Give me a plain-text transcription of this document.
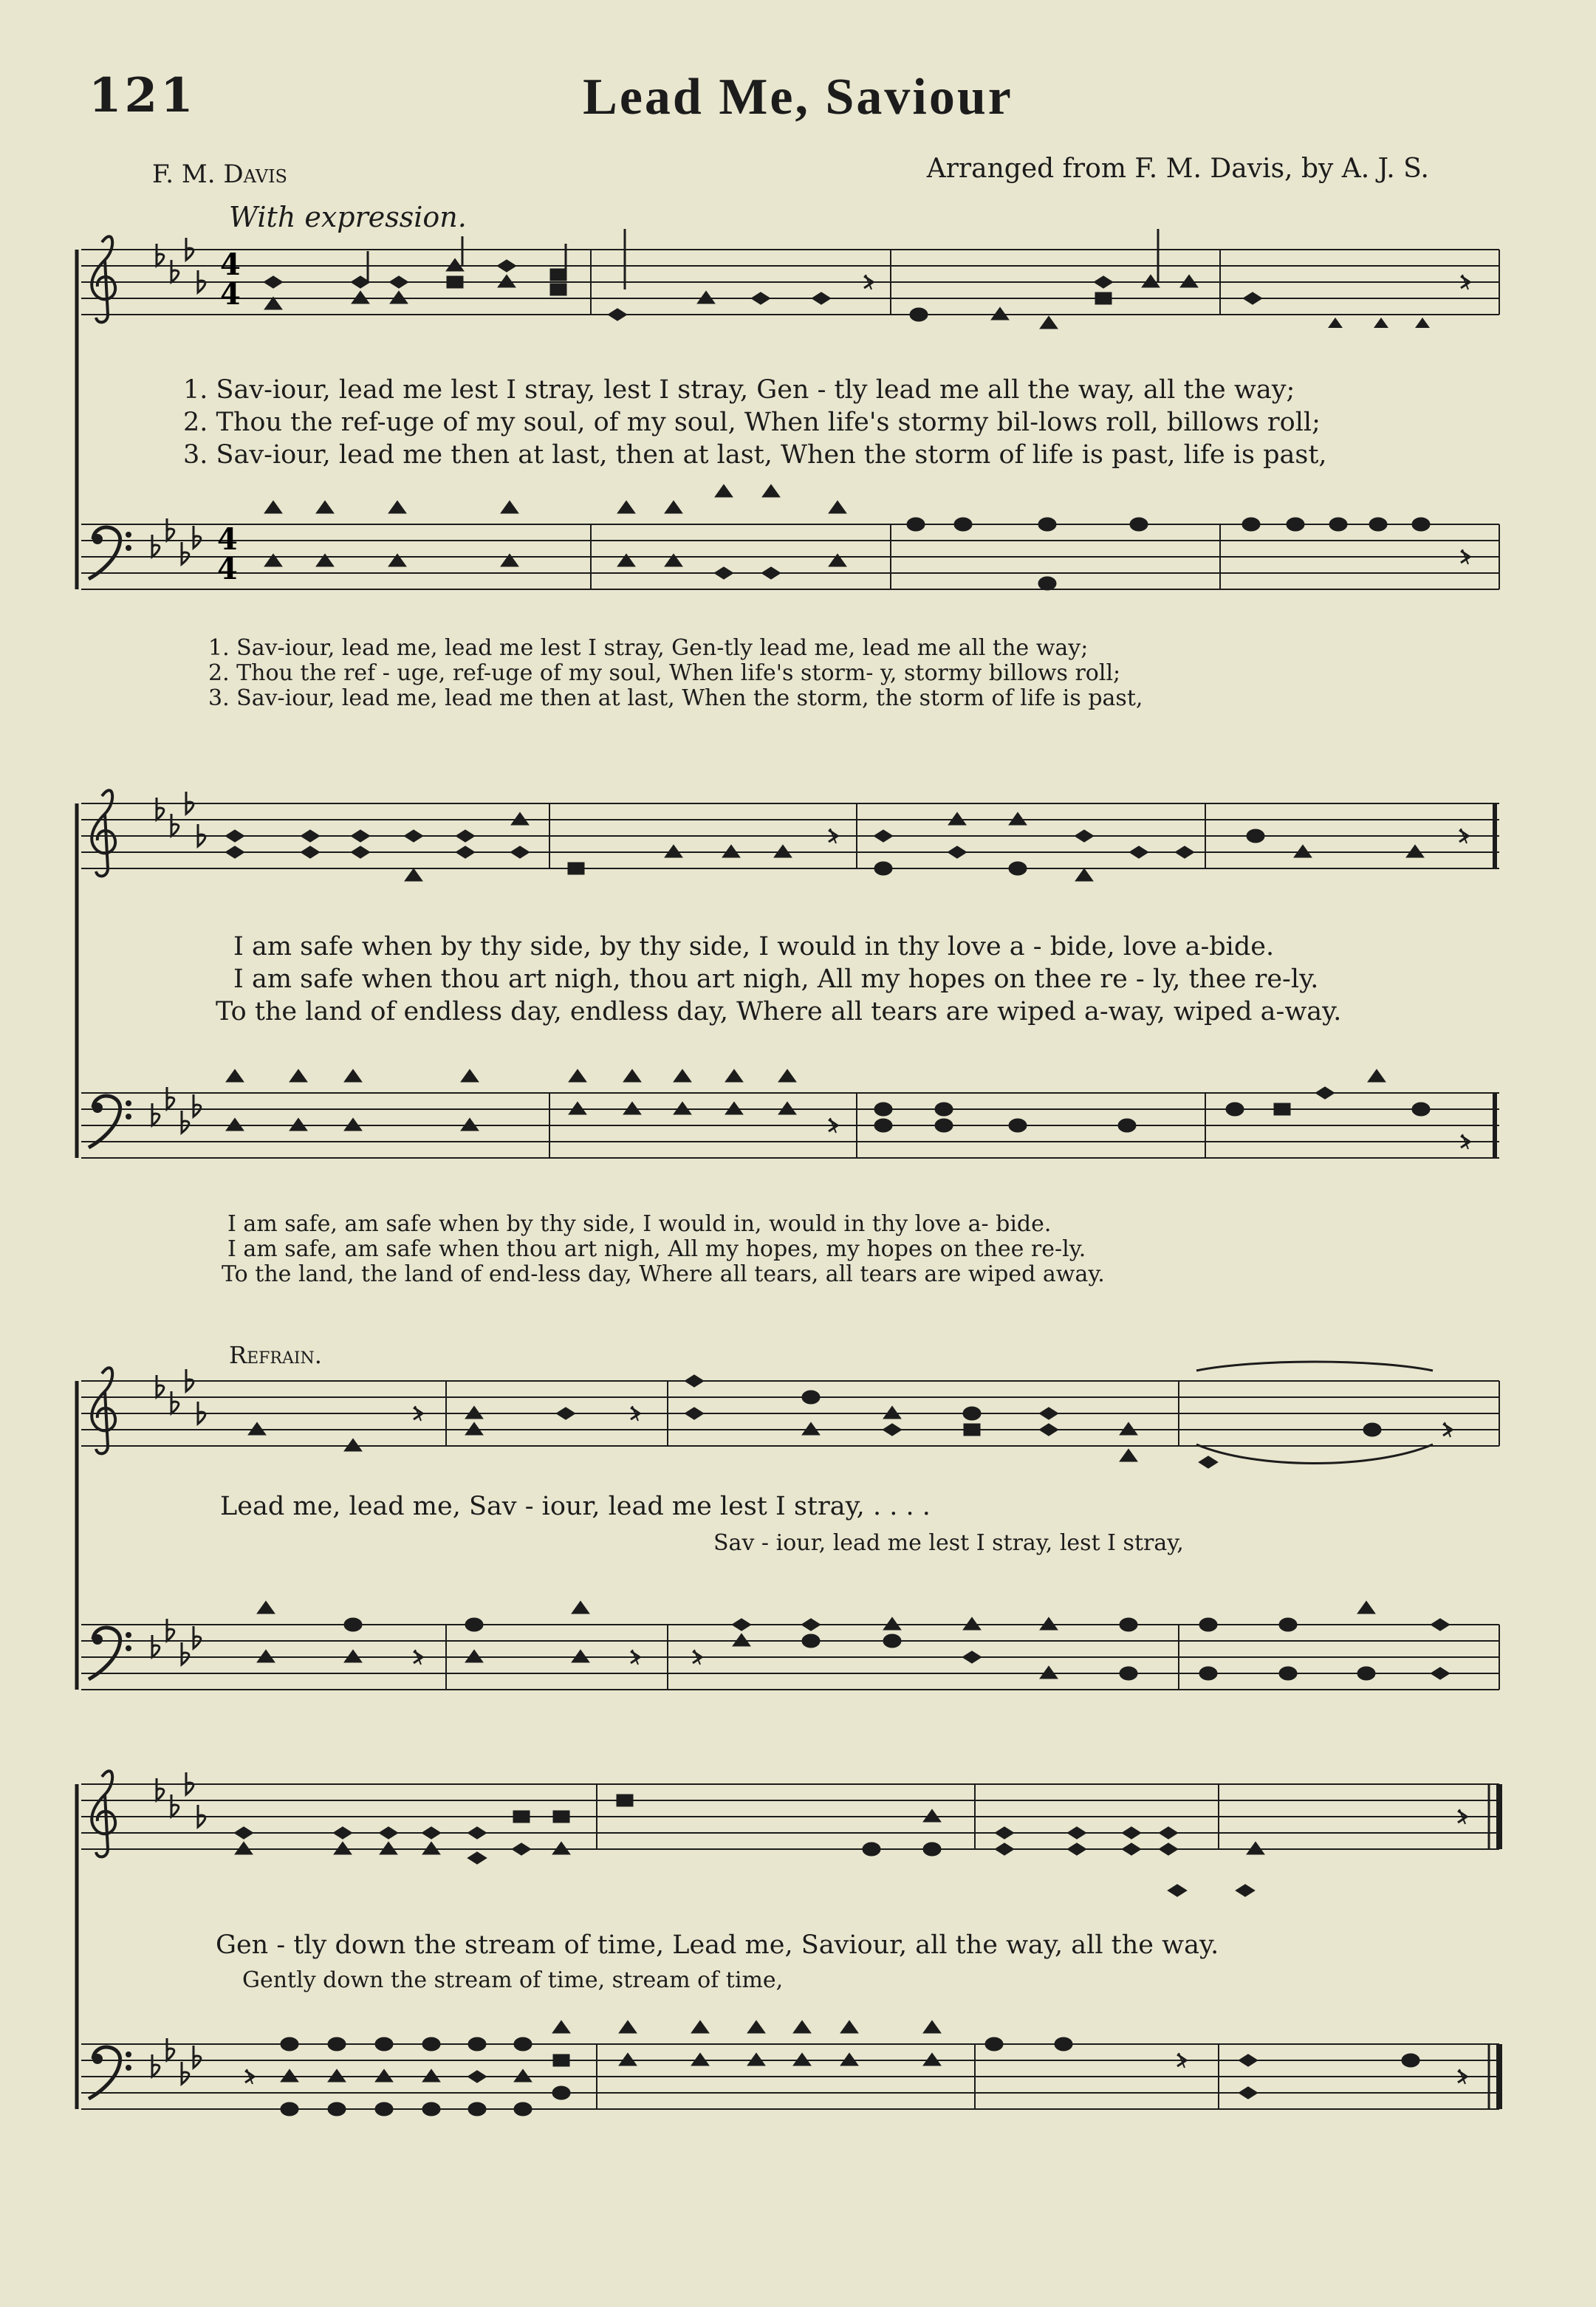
121	Lead Me, Saviour
F. M. Davis	Arranged from F. M. Davis, by A. J. S.
With expression.
4
4
4
4
1. Sav-iour, lead me lest I stray, lest I stray, Gen - tly lead me all the way, all the way;
2. Thou the ref-uge of my soul, of my soul, When life's stormy bil-lows roll, billows roll;
3. Sav-iour, lead me then at last, then at last, When the storm of life is past, life is past,
1. Sav-iour, lead me, lead me lest I stray, Gen-tly lead me, lead me all the way;
2. Thou the ref - uge, ref-uge of my soul, When life's storm- y, stormy billows roll;
3. Sav-iour, lead me, lead me then at last, When the storm, the storm of life is past,
I am safe when by thy side, by thy side, I would in thy love a - bide, love a-bide.
I am safe when thou art nigh, thou art nigh, All my hopes on thee re - ly, thee re-ly.
To the land of endless day, endless day, Where all tears are wiped a-way, wiped a-way.
I am safe, am safe when by thy side, I would in, would in thy love a- bide.
I am safe, am safe when thou art nigh, All my hopes, my hopes on thee re-ly.
To the land, the land of end-less day, Where all tears, all tears are wiped away.
Refrain.
Lead me, lead me, Sav - iour, lead me lest I stray, . . . .
Sav - iour, lead me lest I stray, lest I stray,
Gen - tly down the stream of time, Lead me, Saviour, all the way, all the way.
Gently down the stream of time, stream of time,
